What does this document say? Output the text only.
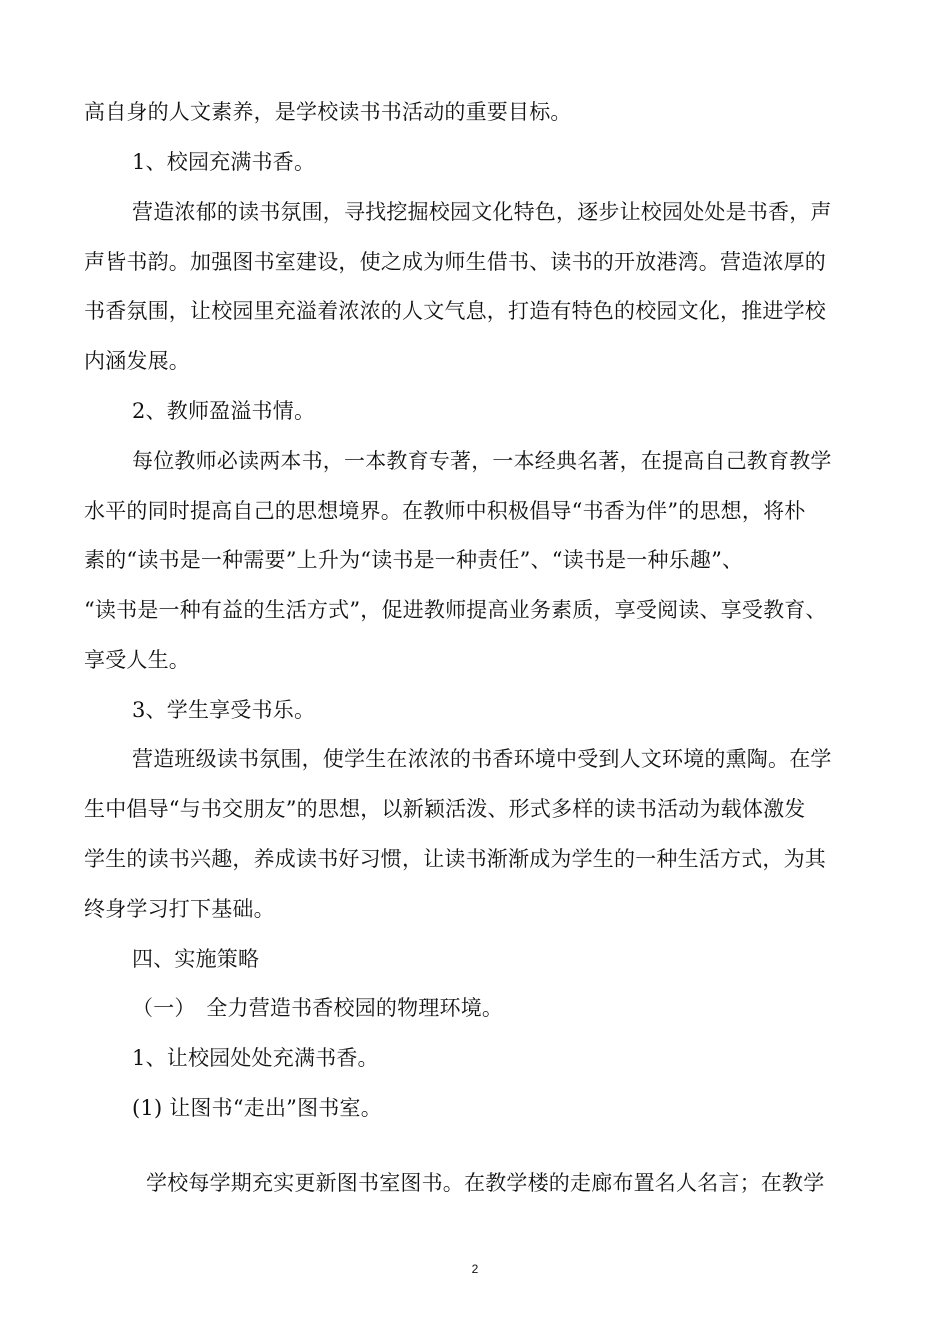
高自身的人文素养，是学校读书书活动的重要目标。
1、校园充满书香。
营造浓郁的读书氛围，寻找挖掘校园文化特色，逐步让校园处处是书香，声
声皆书韵。加强图书室建设，使之成为师生借书、读书的开放港湾。营造浓厚的
书香氛围，让校园里充溢着浓浓的人文气息，打造有特色的校园文化，推进学校
内涵发展。
2、教师盈溢书情。
每位教师必读两本书，一本教育专著，一本经典名著，在提高自己教育教学
水平的同时提高自己的思想境界。在教师中积极倡导“书香为伴”的思想，将朴
素的“读书是一种需要”上升为“读书是一种责任”、“读书是一种乐趣”、
“读书是一种有益的生活方式”，促进教师提高业务素质，享受阅读、享受教育、
享受人生。
3、学生享受书乐。
营造班级读书氛围，使学生在浓浓的书香环境中受到人文环境的熏陶。在学
生中倡导“与书交朋友”的思想，以新颖活泼、形式多样的读书活动为载体激发
学生的读书兴趣，养成读书好习惯，让读书渐渐成为学生的一种生活方式，为其
终身学习打下基础。
四、实施策略
（一）　全力营造书香校园的物理环境。
1、让校园处处充满书香。
(1) 让图书“走出”图书室。
学校每学期充实更新图书室图书。在教学楼的走廊布置名人名言；在教学
2
